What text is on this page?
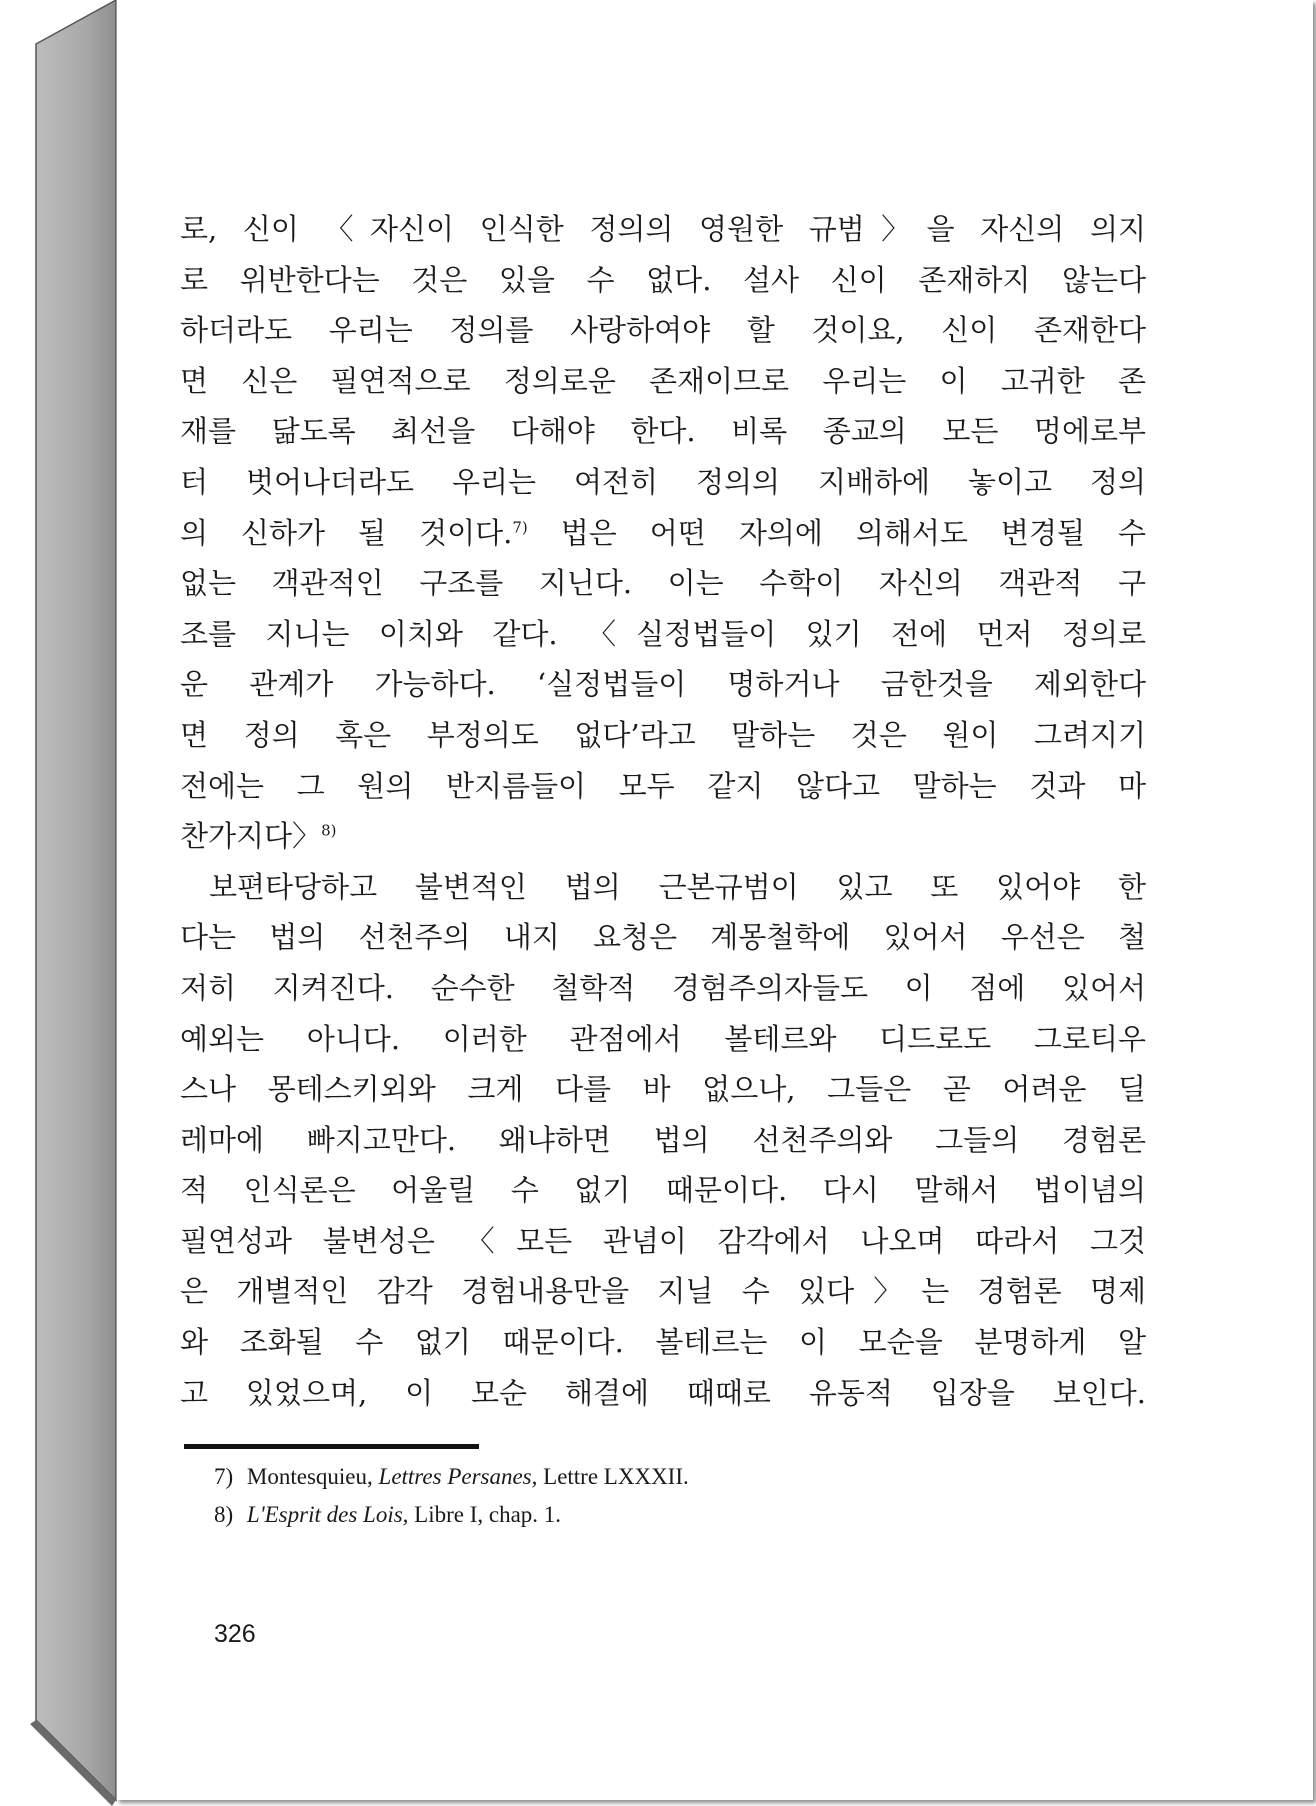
로, 신이 〈자신이 인식한 정의의 영원한 규범〉을 자신의 의지
로 위반한다는 것은 있을 수 없다. 설사 신이 존재하지 않는다
하더라도 우리는 정의를 사랑하여야 할 것이요, 신이 존재한다
면 신은 필연적으로 정의로운 존재이므로 우리는 이 고귀한 존
재를 닮도록 최선을 다해야 한다. 비록 종교의 모든 멍에로부
터 벗어나더라도 우리는 여전히 정의의 지배하에 놓이고 정의
의 신하가 될 것이다.$^{7)}$ 법은 어떤 자의에 의해서도 변경될 수
없는 객관적인 구조를 지닌다. 이는 수학이 자신의 객관적 구
조를 지니는 이치와 같다. 〈실정법들이 있기 전에 먼저 정의로
운 관계가 가능하다. ‘실정법들이 명하거나 금한것을 제외한다
면 정의 혹은 부정의도 없다’라고 말하는 것은 원이 그려지기
전에는 그 원의 반지름들이 모두 같지 않다고 말하는 것과 마
찬가지다〉$^{8)}$
보편타당하고 불변적인 법의 근본규범이 있고 또 있어야 한
다는 법의 선천주의 내지 요청은 계몽철학에 있어서 우선은 철
저히 지켜진다. 순수한 철학적 경험주의자들도 이 점에 있어서
예외는 아니다. 이러한 관점에서 볼테르와 디드로도 그로티우
스나 몽테스키외와 크게 다를 바 없으나, 그들은 곧 어려운 딜
레마에 빠지고만다. 왜냐하면 법의 선천주의와 그들의 경험론
적 인식론은 어울릴 수 없기 때문이다. 다시 말해서 법이념의
필연성과 불변성은 〈모든 관념이 감각에서 나오며 따라서 그것
은 개별적인 감각 경험내용만을 지닐 수 있다〉는 경험론 명제
와 조화될 수 없기 때문이다. 볼테르는 이 모순을 분명하게 알
고 있었으며, 이 모순 해결에 때때로 유동적 입장을 보인다.
7) Montesquieu, Lettres Persanes, Lettre LXXXII.
8) L'Esprit des Lois, Libre I, chap. 1.
326
